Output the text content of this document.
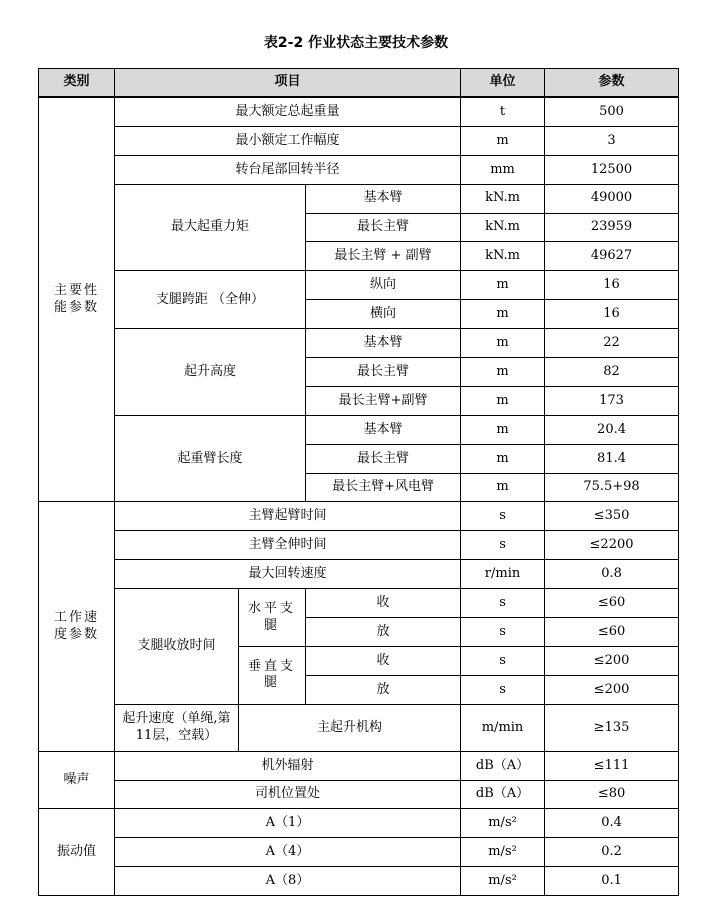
表2-2 作业状态主要技术参数
类别	项目			单位	参数
主要性能参数	最大额定总起重量			t	500
	最小额定工作幅度			m	3
	转台尾部回转半径			mm	12500
	最大起重力矩		基本臂	kN.m	49000
			最长主臂	kN.m	23959
			最长主臂 + 副臂	kN.m	49627
	支腿跨距 （全伸）		纵向	m	16
			横向	m	16
	起升高度		基本臂	m	22
			最长主臂	m	82
			最长主臂+副臂	m	173
	起重臂长度		基本臂	m	20.4
			最长主臂	m	81.4
			最长主臂+风电臂	m	75.5+98
工作速度参数	主臂起臂时间			s	≤350
	主臂全伸时间			s	≤2200
	最大回转速度			r/min	0.8
	支腿收放时间	水平支腿	收	s	≤60
			放	s	≤60
		垂直支腿	收	s	≤200
			放	s	≤200
	起升速度（单绳,第11层，空载）	主起升机构		m/min	≥135
噪声	机外辐射			dB（A）	≤111
	司机位置处			dB（A）	≤80
振动值	A（1）			m/s²	0.4
	A（4）			m/s²	0.2
	A（8）			m/s²	0.1
